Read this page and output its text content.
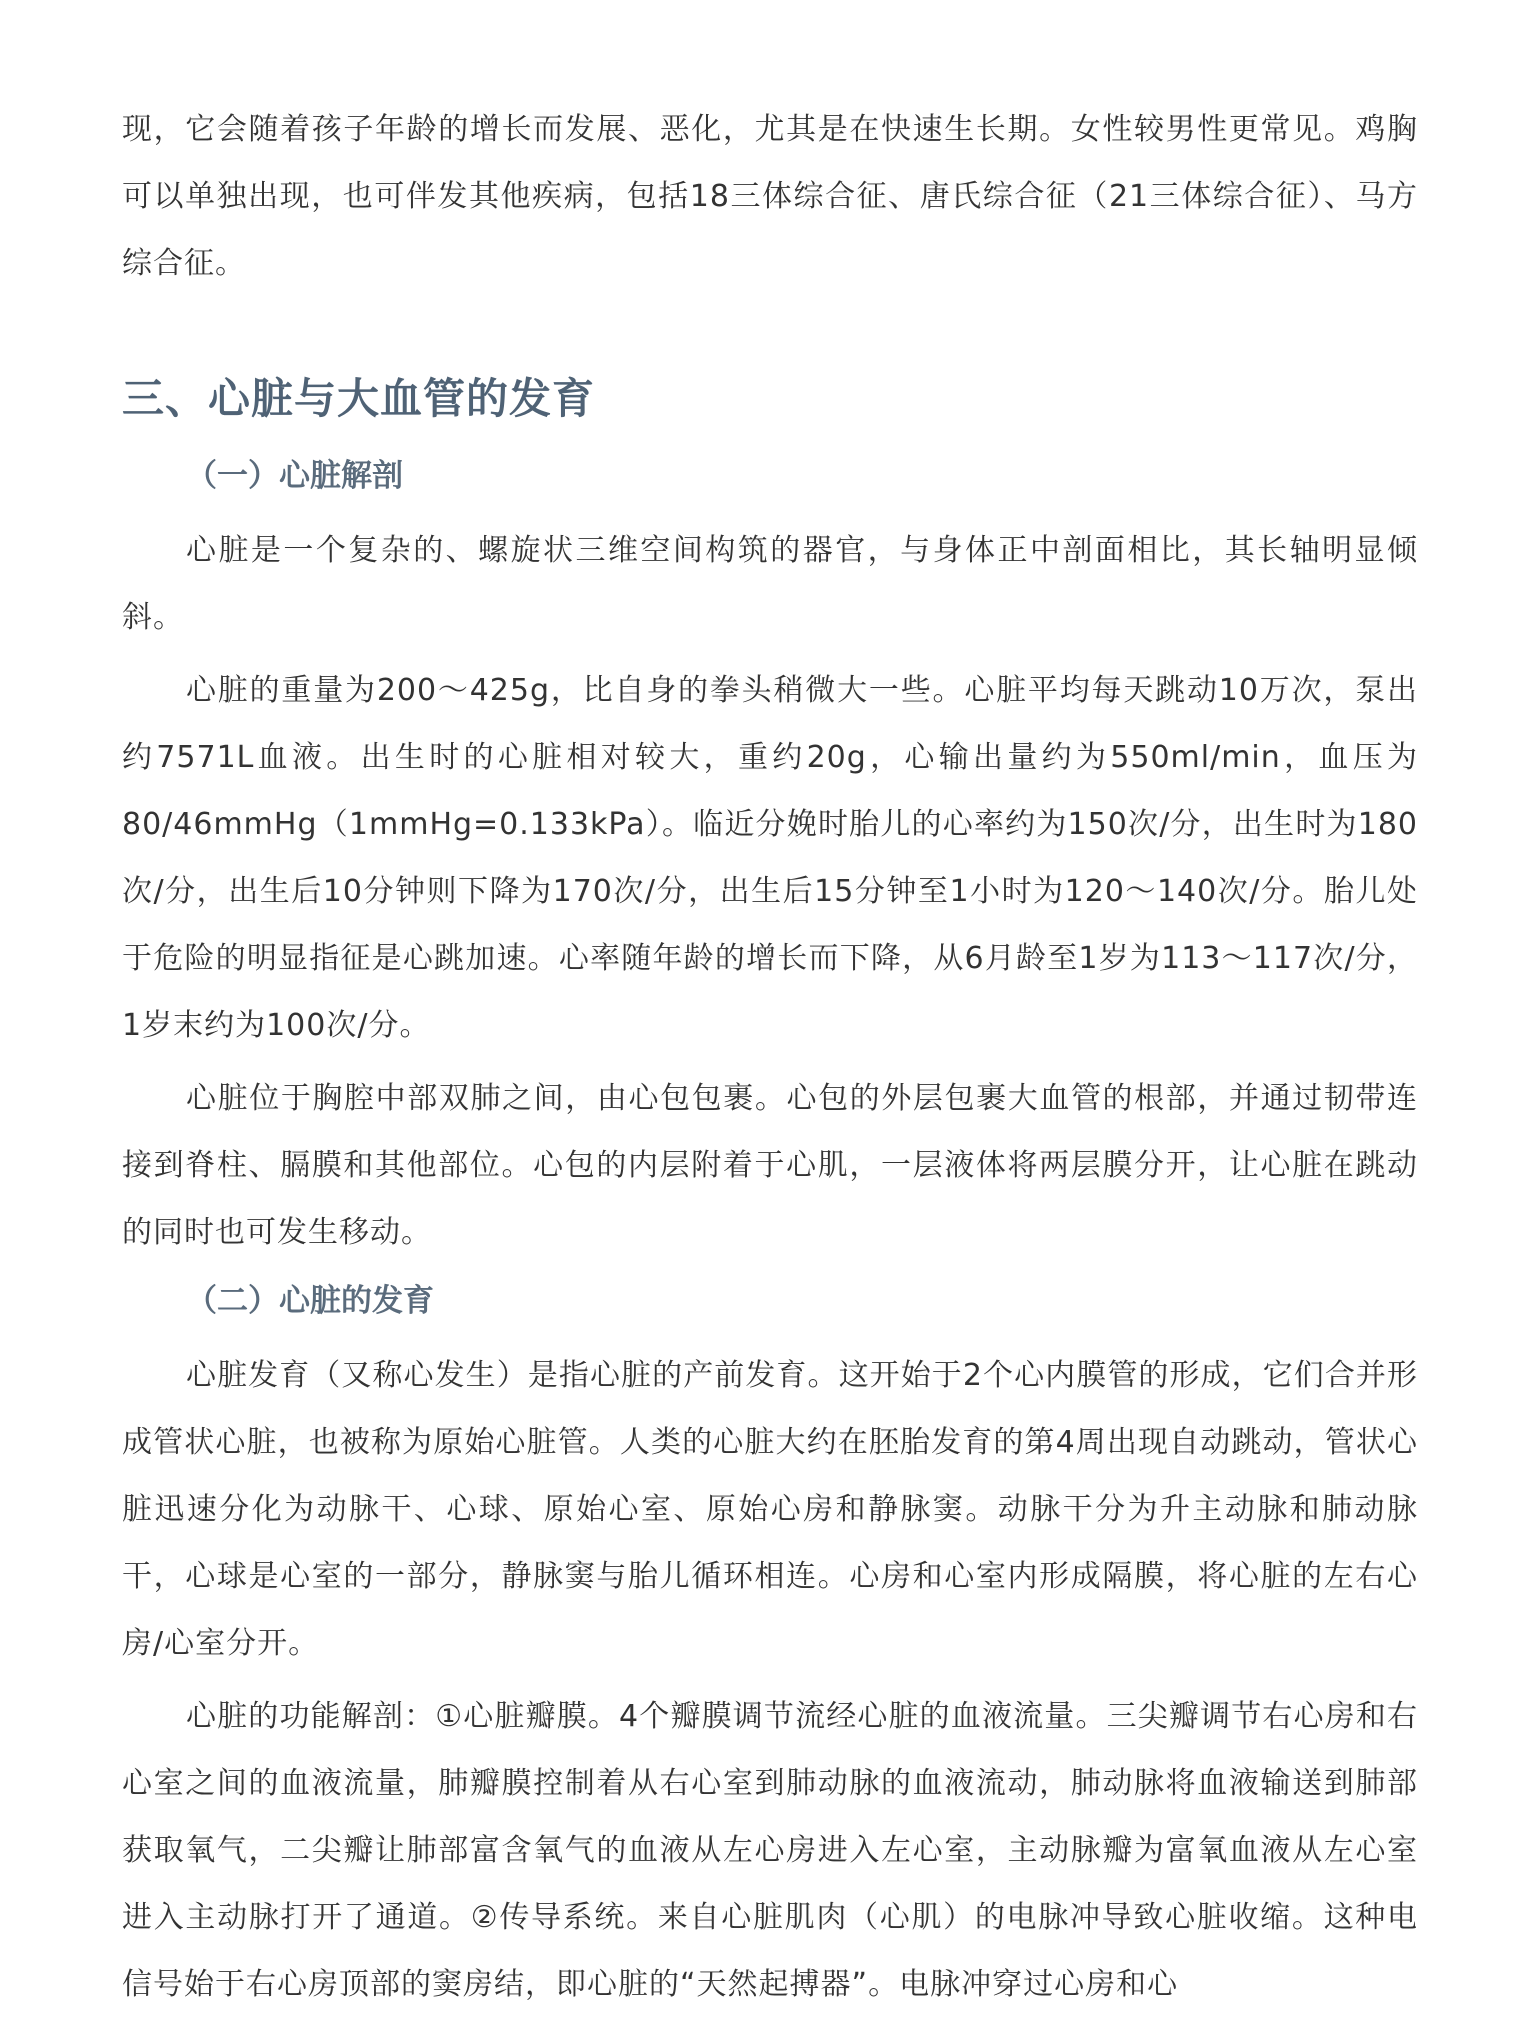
现，它会随着孩子年龄的增长而发展、恶化，尤其是在快速生长期。女性较男性更常见。鸡胸可以单独出现，也可伴发其他疾病，包括18三体综合征、唐氏综合征（21三体综合征）、马方综合征。

三、心脏与大血管的发育
（一）心脏解剖

心脏是一个复杂的、螺旋状三维空间构筑的器官，与身体正中剖面相比，其长轴明显倾斜。

心脏的重量为200～425g，比自身的拳头稍微大一些。心脏平均每天跳动10万次，泵出约7571L血液。出生时的心脏相对较大，重约20g，心输出量约为550ml/min，血压为80/46mmHg（1mmHg=0.133kPa）。临近分娩时胎儿的心率约为150次/分，出生时为180次/分，出生后10分钟则下降为170次/分，出生后15分钟至1小时为120～140次/分。胎儿处于危险的明显指征是心跳加速。心率随年龄的增长而下降，从6月龄至1岁为113～117次/分，1岁末约为100次/分。

心脏位于胸腔中部双肺之间，由心包包裹。心包的外层包裹大血管的根部，并通过韧带连接到脊柱、膈膜和其他部位。心包的内层附着于心肌，一层液体将两层膜分开，让心脏在跳动的同时也可发生移动。

（二）心脏的发育

心脏发育（又称心发生）是指心脏的产前发育。这开始于2个心内膜管的形成，它们合并形成管状心脏，也被称为原始心脏管。人类的心脏大约在胚胎发育的第4周出现自动跳动，管状心脏迅速分化为动脉干、心球、原始心室、原始心房和静脉窦。动脉干分为升主动脉和肺动脉干，心球是心室的一部分，静脉窦与胎儿循环相连。心房和心室内形成隔膜，将心脏的左右心房/心室分开。

心脏的功能解剖：①心脏瓣膜。4个瓣膜调节流经心脏的血液流量。三尖瓣调节右心房和右心室之间的血液流量，肺瓣膜控制着从右心室到肺动脉的血液流动，肺动脉将血液输送到肺部获取氧气，二尖瓣让肺部富含氧气的血液从左心房进入左心室，主动脉瓣为富氧血液从左心室进入主动脉打开了通道。②传导系统。来自心脏肌肉（心肌）的电脉冲导致心脏收缩。这种电信号始于右心房顶部的窦房结，即心脏的“天然起搏器”。电脉冲穿过心房和心
